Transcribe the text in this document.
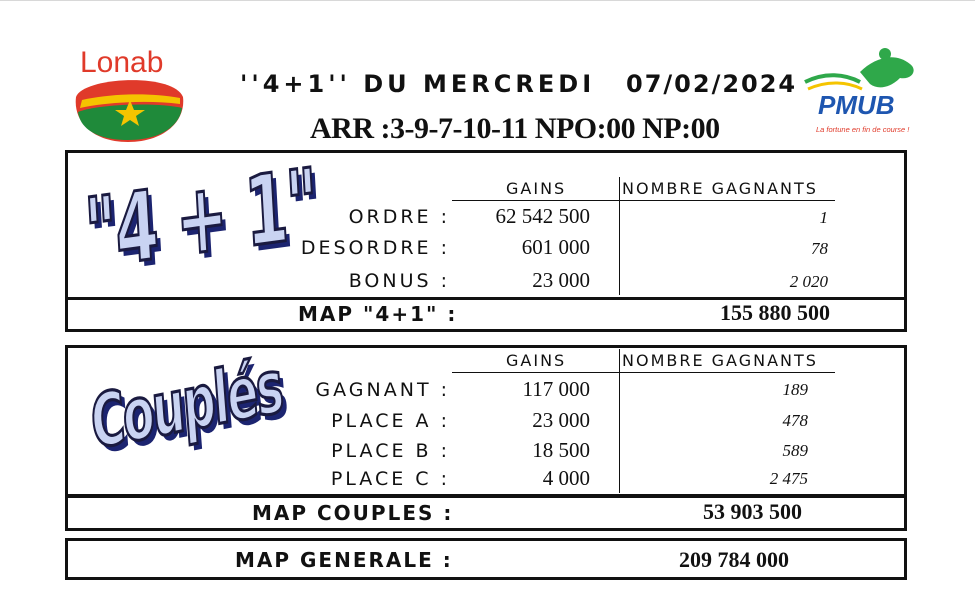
Lonab
PMUB
La fortune en fin de course !
''4+1'' DU MERCREDI 07/02/2024
ARR :3-9-7-10-11 NPO:00 NP:00
"4 + 1"	GAINS	NOMBRE GAGNANTS
ORDRE :	62 542 500	1
DESORDRE :	601 000	78
BONUS :	23 000	2 020
MAP "4+1" :	155 880 500
Couplés	GAINS	NOMBRE GAGNANTS
GAGNANT :	117 000	189
PLACE A :	23 000	478
PLACE B :	18 500	589
PLACE C :	4 000	2 475
MAP COUPLES :	53 903 500
MAP GENERALE :	209 784 000
